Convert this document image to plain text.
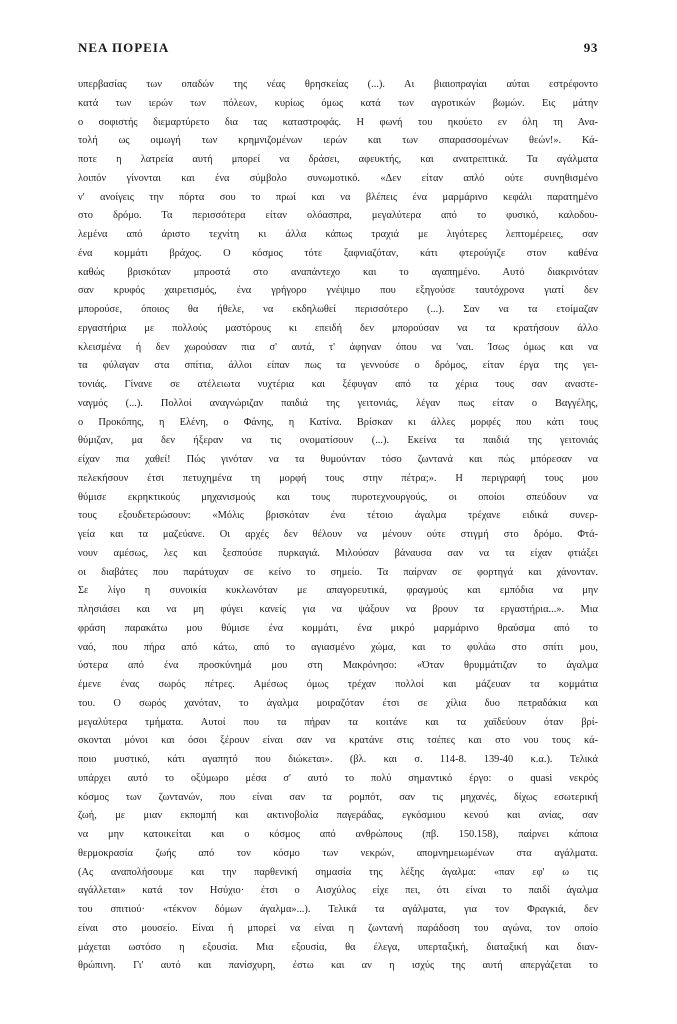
ΝΕΑ ΠΟΡΕΙΑ	93
υπερβασίας των οπαδών της νέας θρησκείας (...). Αι βιαιοπραγίαι αύται εστρέφοντο
κατά των ιερών των πόλεων, κυρίως όμως κατά των αγροτικών βωμών. Εις μάτην
ο σοφιστής διεμαρτύρετο δια τας καταστροφάς. Η φωνή του ηκούετο εν όλη τη Ανα-
τολή ως οιμωγή των κρημνιζομένων ιερών και των σπαρασσομένων θεών!». Κά-
ποτε η λατρεία αυτή μπορεί να δράσει, αφευκτής, και ανατρεπτικά. Τα αγάλματα
λοιπόν γίνονται και ένα σύμβολο συνωμοτικό. «Δεν είταν απλό ούτε συνηθισμένο
ν' ανοίγεις την πόρτα σου το πρωί και να βλέπεις ένα μαρμάρινο κεφάλι παρατημένο
στο δρόμο. Τα περισσότερα είταν ολόασπρα, μεγαλύτερα από το φυσικό, καλοδου-
λεμένα από άριστο τεχνίτη κι άλλα κάπως τραχιά με λιγότερες λεπτομέρειες, σαν
ένα κομμάτι βράχος. Ο κόσμος τότε ξαφνιαζόταν, κάτι φτερούγιζε στον καθένα
καθώς βρισκόταν μπροστά στο αναπάντεχο και το αγαπημένο. Αυτό διακρινόταν
σαν κρυφός χαιρετισμός, ένα γρήγορο γνέψιμο που εξηγούσε ταυτόχρονα γιατί δεν
μπορούσε, όποιος θα ήθελε, να εκδηλωθεί περισσότερο (...). Σαν να τα ετοίμαζαν
εργαστήρια με πολλούς μαστόρους κι επειδή δεν μπορούσαν να τα κρατήσουν άλλο
κλεισμένα ή δεν χωρούσαν πια σ' αυτά, τ' άφηναν όπου να 'ναι. Ίσως όμως και να
τα φύλαγαν στα σπίτια, άλλοι είπαν πως τα γεννούσε ο δρόμος, είταν έργα της γει-
τονιάς. Γίνανε σε ατέλειωτα νυχτέρια και ξέφυγαν από τα χέρια τους σαν αναστε-
ναγμός (...). Πολλοί αναγνώριζαν παιδιά της γειτονιάς, λέγαν πως είταν ο Βαγγέλης,
ο Προκόπης, η Ελένη, ο Φάνης, η Κατίνα. Βρίσκαν κι άλλες μορφές που κάτι τους
θύμιζαν, μα δεν ήξεραν να τις ονοματίσουν (...). Εκείνα τα παιδιά της γειτονιάς
είχαν πια χαθεί! Πώς γινόταν να τα θυμούνταν τόσο ζωντανά και πώς μπόρεσαν να
πελεκήσουν έτσι πετυχημένα τη μορφή τους στην πέτρα;». Η περιγραφή τους μου
θύμισε εκρηκτικούς μηχανισμούς και τους πυροτεχνουργούς, οι οποίοι σπεύδουν να
τους εξουδετερώσουν: «Μόλις βρισκόταν ένα τέτοιο άγαλμα τρέχανε ειδικά συνερ-
γεία και τα μαζεύανε. Οι αρχές δεν θέλουν να μένουν ούτε στιγμή στο δρόμο. Φτά-
νουν αμέσως, λες και ξεσπούσε πυρκαγιά. Μιλούσαν βάναυσα σαν να τα είχαν φτιάξει
οι διαβάτες που παράτυχαν σε κείνο το σημείο. Τα παίρναν σε φορτηγά και χάνονταν.
Σε λίγο η συνοικία κυκλωνόταν με απαγορευτικά, φραγμούς και εμπόδια να μην
πλησιάσει και να μη φύγει κανείς για να ψάξουν να βρουν τα εργαστήρια...». Μια
φράση παρακάτω μου θύμισε ένα κομμάτι, ένα μικρό μαρμάρινο θραύσμα από το
ναό, που πήρα από κάτω, από το αγιασμένο χώμα, και το φυλάω στο σπίτι μου,
ύστερα από ένα προσκύνημά μου στη Μακρόνησο: «Όταν θρυμμάτιζαν το άγαλμα
έμενε ένας σωρός πέτρες. Αμέσως όμως τρέχαν πολλοί και μάζευαν τα κομμάτια
του. Ο σωρός χανόταν, το άγαλμα μοιραζόταν έτσι σε χίλια δυο πετραδάκια και
μεγαλύτερα τμήματα. Αυτοί που τα πήραν τα κοιτάνε και τα χαϊδεύουν όταν βρί-
σκονται μόνοι και όσοι ξέρουν είναι σαν να κρατάνε στις τσέπες και στο νου τους κά-
ποιο μυστικό, κάτι αγαπητό που διώκεται». (βλ. και σ. 114-8. 139-40 κ.α.). Τελικά
υπάρχει αυτό το οξύμωρο μέσα σ' αυτό το πολύ σημαντικό έργο: ο quasi νεκρός
κόσμος των ζωντανών, που είναι σαν τα ρομπότ, σαν τις μηχανές, δίχως εσωτερική
ζωή, με μιαν εκπομπή και ακτινοβολία παγεράδας, εγκόσμιου κενού και ανίας, σαν
να μην κατοικείται και ο κόσμος από ανθρώπους (πβ. 150.158), παίρνει κάποια
θερμοκρασία ζωής από τον κόσμο των νεκρών, απομνημειωμένων στα αγάλματα.
(Ας αναπολήσουμε και την παρθενική σημασία της λέξης άγαλμα: «παν εφ' ω τις
αγάλλεται» κατά τον Ησύχιο· έτσι ο Αισχύλος είχε πει, ότι είναι το παιδί άγαλμα
του σπιτιού· «τέκνον δόμων άγαλμα»...). Τελικά τα αγάλματα, για τον Φραγκιά, δεν
είναι στο μουσείο. Είναι ή μπορεί να είναι η ζωντανή παράδοση του αγώνα, τον οποίο
μάχεται ωστόσο η εξουσία. Μια εξουσία, θα έλεγα, υπερταξική, διαταξική και διαν-
θρώπινη. Γι' αυτό και πανίσχυρη, έστω και αν η ισχύς της αυτή απεργάζεται το
